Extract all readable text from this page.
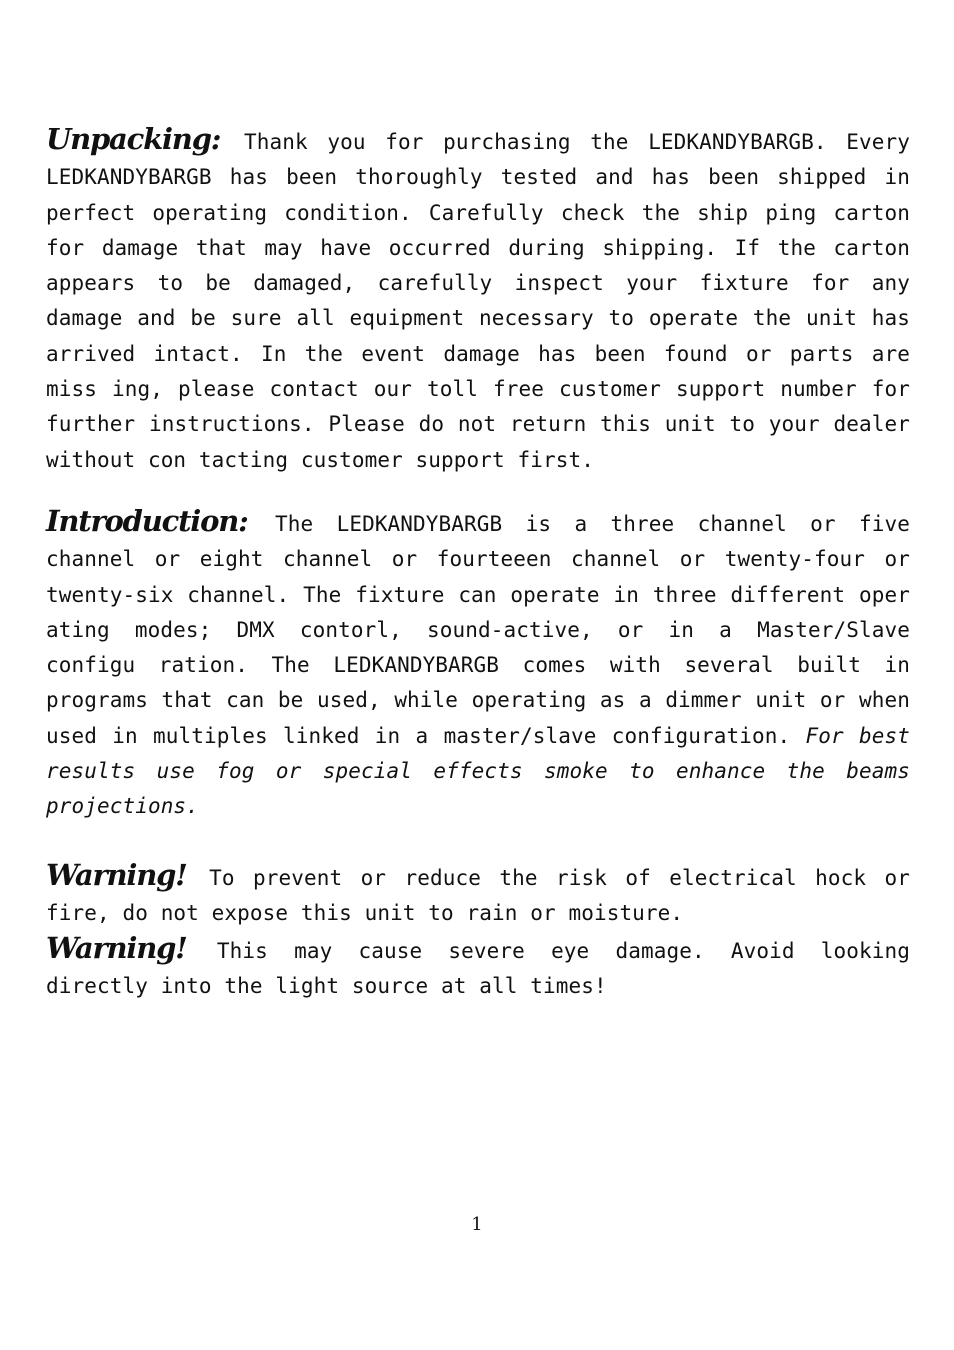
Unpacking: Thank you for purchasing the LEDKANDYBARGB. Every LEDKANDYBARGB has been thoroughly tested and has been shipped in perfect operating condition. Carefully check the ship ping carton for damage that may have occurred during shipping. If the carton appears to be damaged, carefully inspect your fixture for any damage and be sure all equipment necessary to operate the unit has arrived intact. In the event damage has been found or parts are miss ing, please contact our toll free customer support number for further instructions. Please do not return this unit to your dealer without con tacting customer support first.

Introduction: The LEDKANDYBARGB is a three channel or five channel or eight channel or fourteeen channel or twenty-four or twenty-six channel. The fixture can operate in three different oper ating modes; DMX contorl, sound-active, or in a Master/Slave configu ration. The LEDKANDYBARGB comes with several built in programs that can be used, while operating as a dimmer unit or when used in multiples linked in a master/slave configuration. For best results use fog or special effects smoke to enhance the beams projections.

Warning! To prevent or reduce the risk of electrical hock or fire, do not expose this unit to rain or moisture.

Warning! This may cause severe eye damage. Avoid looking directly into the light source at all times!

1
